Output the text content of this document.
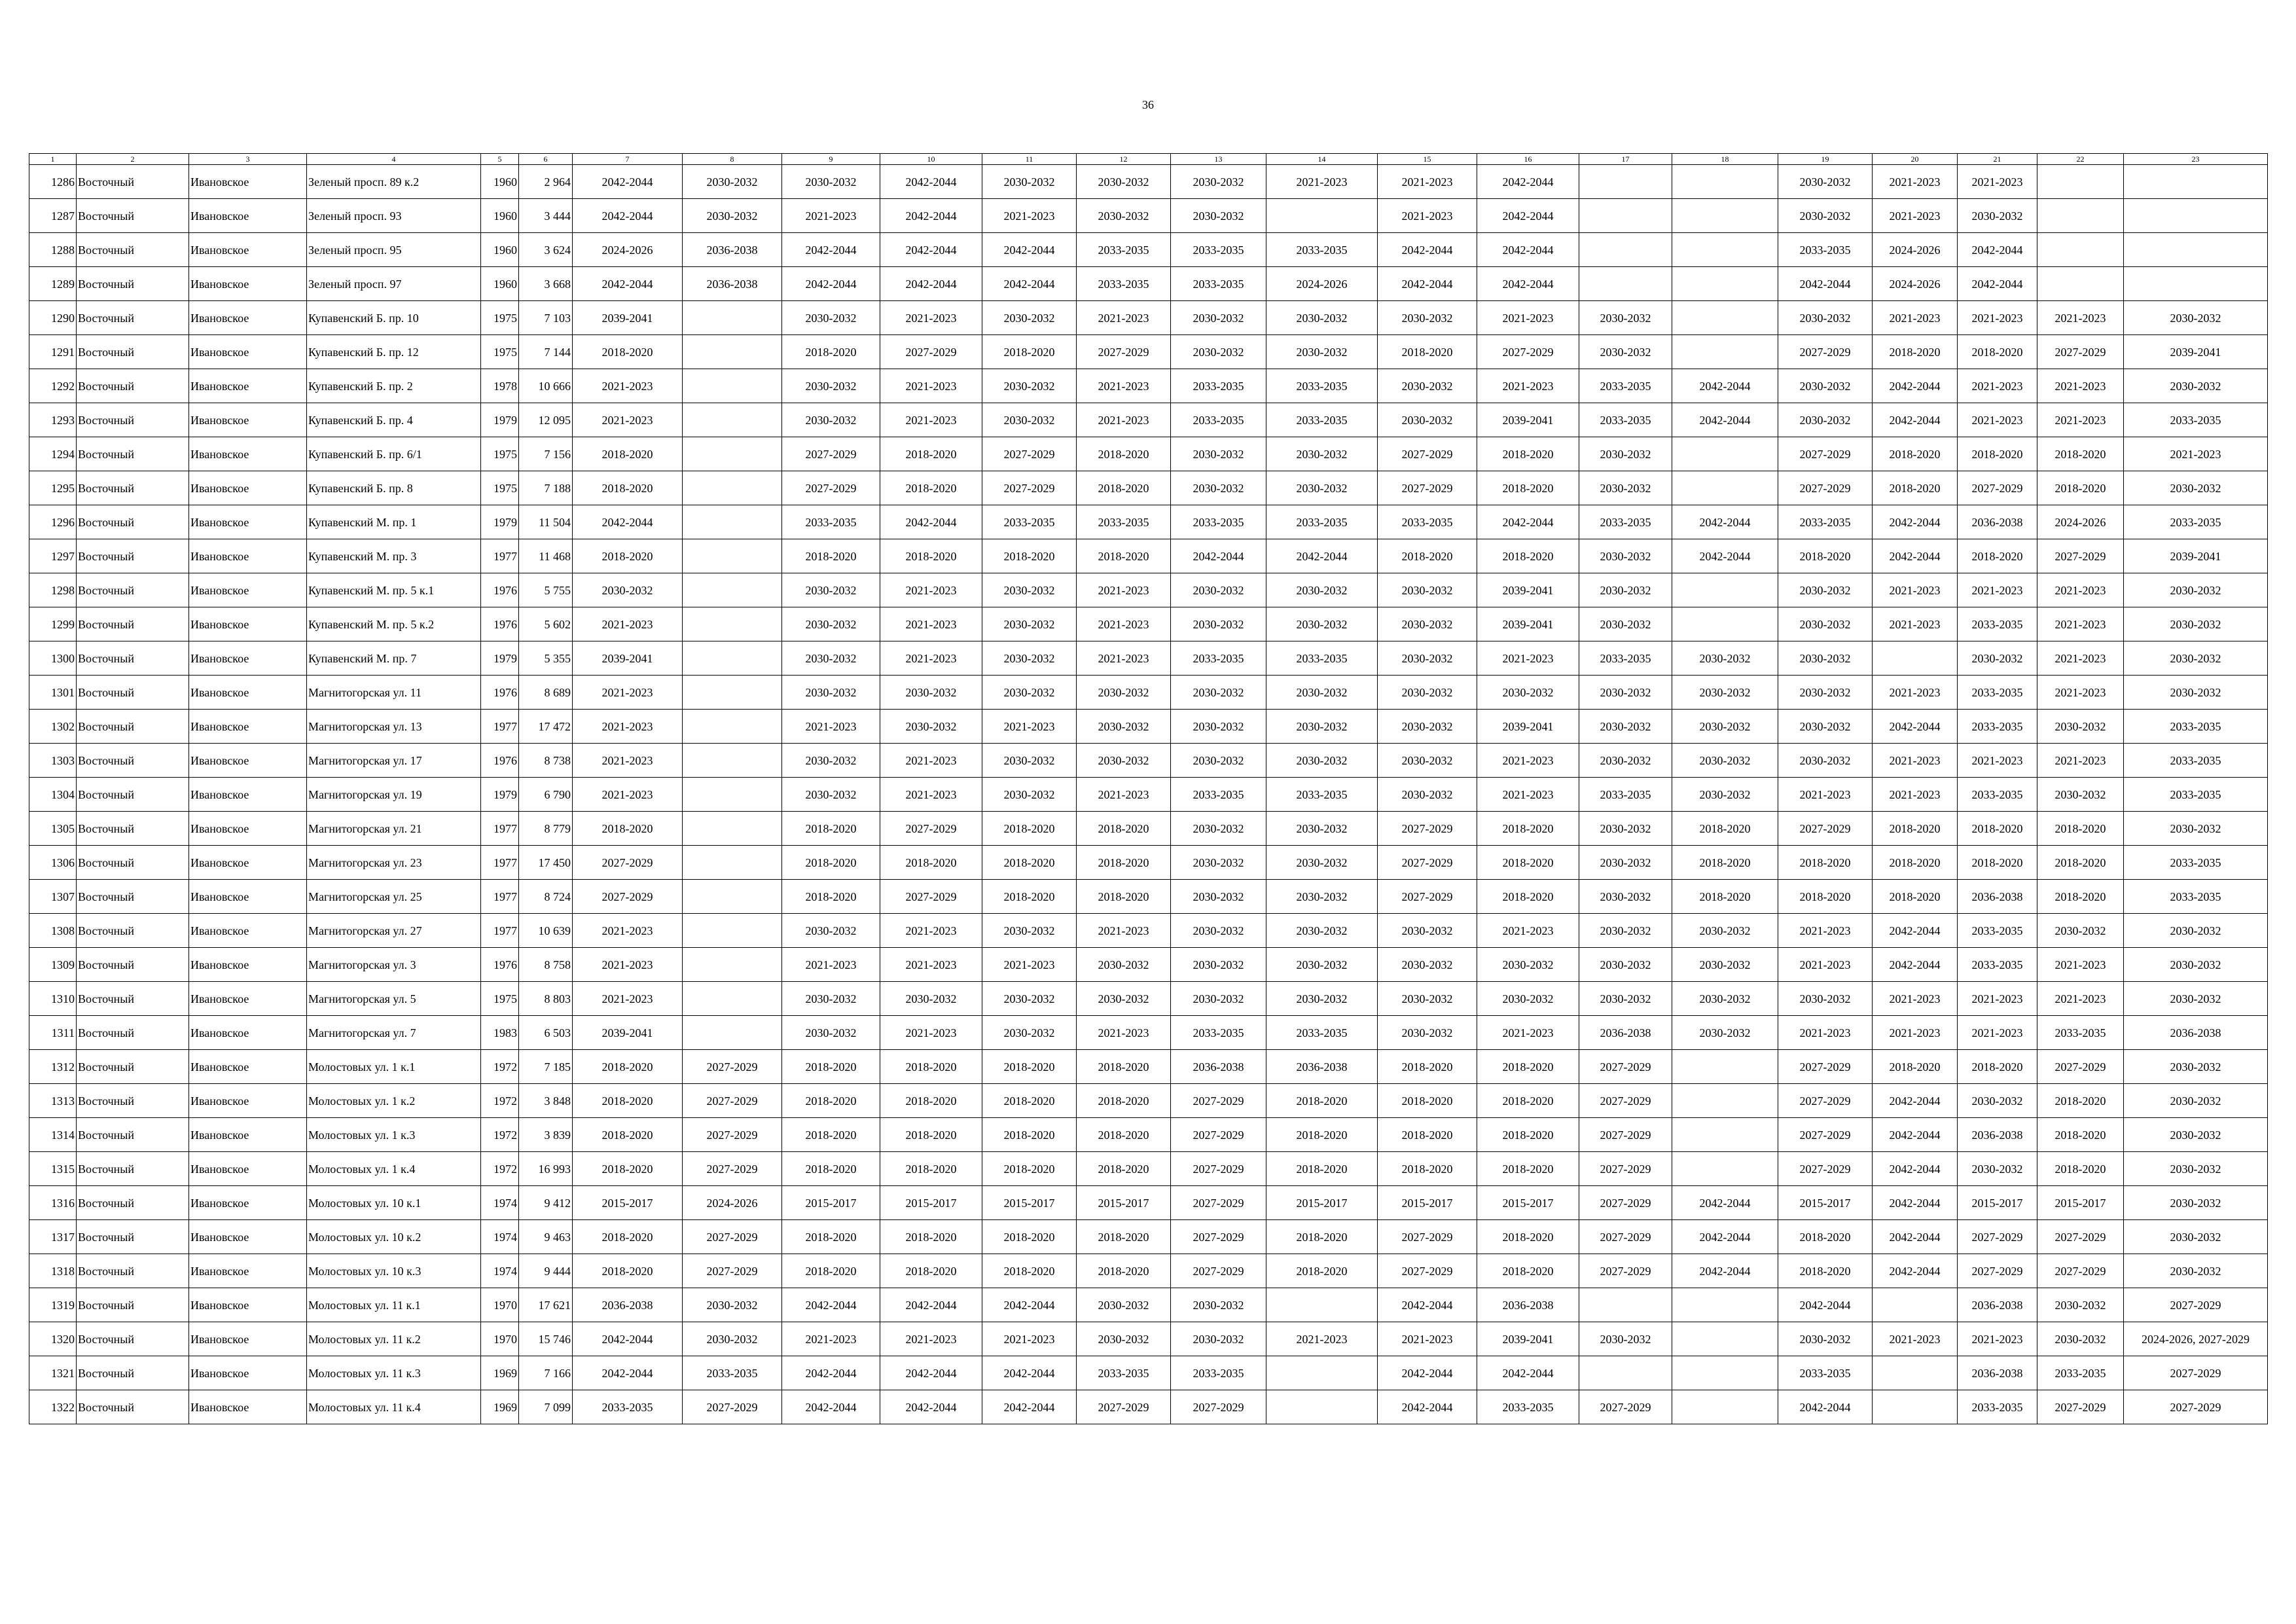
36
1	2	3	4	5	6	7	8	9	10	11	12	13	14	15	16	17	18	19	20	21	22	23
1286	Восточный	Ивановское	Зеленый просп. 89 к.2	1960	2 964	2042-2044	2030-2032	2030-2032	2042-2044	2030-2032	2030-2032	2030-2032	2021-2023	2021-2023	2042-2044			2030-2032	2021-2023	2021-2023		
1287	Восточный	Ивановское	Зеленый просп. 93	1960	3 444	2042-2044	2030-2032	2021-2023	2042-2044	2021-2023	2030-2032	2030-2032		2021-2023	2042-2044			2030-2032	2021-2023	2030-2032		
1288	Восточный	Ивановское	Зеленый просп. 95	1960	3 624	2024-2026	2036-2038	2042-2044	2042-2044	2042-2044	2033-2035	2033-2035	2033-2035	2042-2044	2042-2044			2033-2035	2024-2026	2042-2044		
1289	Восточный	Ивановское	Зеленый просп. 97	1960	3 668	2042-2044	2036-2038	2042-2044	2042-2044	2042-2044	2033-2035	2033-2035	2024-2026	2042-2044	2042-2044			2042-2044	2024-2026	2042-2044		
1290	Восточный	Ивановское	Купавенский Б. пр. 10	1975	7 103	2039-2041		2030-2032	2021-2023	2030-2032	2021-2023	2030-2032	2030-2032	2030-2032	2021-2023	2030-2032		2030-2032	2021-2023	2021-2023	2021-2023	2030-2032
1291	Восточный	Ивановское	Купавенский Б. пр. 12	1975	7 144	2018-2020		2018-2020	2027-2029	2018-2020	2027-2029	2030-2032	2030-2032	2018-2020	2027-2029	2030-2032		2027-2029	2018-2020	2018-2020	2027-2029	2039-2041
1292	Восточный	Ивановское	Купавенский Б. пр. 2	1978	10 666	2021-2023		2030-2032	2021-2023	2030-2032	2021-2023	2033-2035	2033-2035	2030-2032	2021-2023	2033-2035	2042-2044	2030-2032	2042-2044	2021-2023	2021-2023	2030-2032
1293	Восточный	Ивановское	Купавенский Б. пр. 4	1979	12 095	2021-2023		2030-2032	2021-2023	2030-2032	2021-2023	2033-2035	2033-2035	2030-2032	2039-2041	2033-2035	2042-2044	2030-2032	2042-2044	2021-2023	2021-2023	2033-2035
1294	Восточный	Ивановское	Купавенский Б. пр. 6/1	1975	7 156	2018-2020		2027-2029	2018-2020	2027-2029	2018-2020	2030-2032	2030-2032	2027-2029	2018-2020	2030-2032		2027-2029	2018-2020	2018-2020	2018-2020	2021-2023
1295	Восточный	Ивановское	Купавенский Б. пр. 8	1975	7 188	2018-2020		2027-2029	2018-2020	2027-2029	2018-2020	2030-2032	2030-2032	2027-2029	2018-2020	2030-2032		2027-2029	2018-2020	2027-2029	2018-2020	2030-2032
1296	Восточный	Ивановское	Купавенский М. пр. 1	1979	11 504	2042-2044		2033-2035	2042-2044	2033-2035	2033-2035	2033-2035	2033-2035	2033-2035	2042-2044	2033-2035	2042-2044	2033-2035	2042-2044	2036-2038	2024-2026	2033-2035
1297	Восточный	Ивановское	Купавенский М. пр. 3	1977	11 468	2018-2020		2018-2020	2018-2020	2018-2020	2018-2020	2042-2044	2042-2044	2018-2020	2018-2020	2030-2032	2042-2044	2018-2020	2042-2044	2018-2020	2027-2029	2039-2041
1298	Восточный	Ивановское	Купавенский М. пр. 5 к.1	1976	5 755	2030-2032		2030-2032	2021-2023	2030-2032	2021-2023	2030-2032	2030-2032	2030-2032	2039-2041	2030-2032		2030-2032	2021-2023	2021-2023	2021-2023	2030-2032
1299	Восточный	Ивановское	Купавенский М. пр. 5 к.2	1976	5 602	2021-2023		2030-2032	2021-2023	2030-2032	2021-2023	2030-2032	2030-2032	2030-2032	2039-2041	2030-2032		2030-2032	2021-2023	2033-2035	2021-2023	2030-2032
1300	Восточный	Ивановское	Купавенский М. пр. 7	1979	5 355	2039-2041		2030-2032	2021-2023	2030-2032	2021-2023	2033-2035	2033-2035	2030-2032	2021-2023	2033-2035	2030-2032	2030-2032		2030-2032	2021-2023	2030-2032
1301	Восточный	Ивановское	Магнитогорская ул. 11	1976	8 689	2021-2023		2030-2032	2030-2032	2030-2032	2030-2032	2030-2032	2030-2032	2030-2032	2030-2032	2030-2032	2030-2032	2030-2032	2021-2023	2033-2035	2021-2023	2030-2032
1302	Восточный	Ивановское	Магнитогорская ул. 13	1977	17 472	2021-2023		2021-2023	2030-2032	2021-2023	2030-2032	2030-2032	2030-2032	2030-2032	2039-2041	2030-2032	2030-2032	2030-2032	2042-2044	2033-2035	2030-2032	2033-2035
1303	Восточный	Ивановское	Магнитогорская ул. 17	1976	8 738	2021-2023		2030-2032	2021-2023	2030-2032	2030-2032	2030-2032	2030-2032	2030-2032	2021-2023	2030-2032	2030-2032	2030-2032	2021-2023	2021-2023	2021-2023	2033-2035
1304	Восточный	Ивановское	Магнитогорская ул. 19	1979	6 790	2021-2023		2030-2032	2021-2023	2030-2032	2021-2023	2033-2035	2033-2035	2030-2032	2021-2023	2033-2035	2030-2032	2021-2023	2021-2023	2033-2035	2030-2032	2033-2035
1305	Восточный	Ивановское	Магнитогорская ул. 21	1977	8 779	2018-2020		2018-2020	2027-2029	2018-2020	2018-2020	2030-2032	2030-2032	2027-2029	2018-2020	2030-2032	2018-2020	2027-2029	2018-2020	2018-2020	2018-2020	2030-2032
1306	Восточный	Ивановское	Магнитогорская ул. 23	1977	17 450	2027-2029		2018-2020	2018-2020	2018-2020	2018-2020	2030-2032	2030-2032	2027-2029	2018-2020	2030-2032	2018-2020	2018-2020	2018-2020	2018-2020	2018-2020	2033-2035
1307	Восточный	Ивановское	Магнитогорская ул. 25	1977	8 724	2027-2029		2018-2020	2027-2029	2018-2020	2018-2020	2030-2032	2030-2032	2027-2029	2018-2020	2030-2032	2018-2020	2018-2020	2018-2020	2036-2038	2018-2020	2033-2035
1308	Восточный	Ивановское	Магнитогорская ул. 27	1977	10 639	2021-2023		2030-2032	2021-2023	2030-2032	2021-2023	2030-2032	2030-2032	2030-2032	2021-2023	2030-2032	2030-2032	2021-2023	2042-2044	2033-2035	2030-2032	2030-2032
1309	Восточный	Ивановское	Магнитогорская ул. 3	1976	8 758	2021-2023		2021-2023	2021-2023	2021-2023	2030-2032	2030-2032	2030-2032	2030-2032	2030-2032	2030-2032	2030-2032	2021-2023	2042-2044	2033-2035	2021-2023	2030-2032
1310	Восточный	Ивановское	Магнитогорская ул. 5	1975	8 803	2021-2023		2030-2032	2030-2032	2030-2032	2030-2032	2030-2032	2030-2032	2030-2032	2030-2032	2030-2032	2030-2032	2030-2032	2021-2023	2021-2023	2021-2023	2030-2032
1311	Восточный	Ивановское	Магнитогорская ул. 7	1983	6 503	2039-2041		2030-2032	2021-2023	2030-2032	2021-2023	2033-2035	2033-2035	2030-2032	2021-2023	2036-2038	2030-2032	2021-2023	2021-2023	2021-2023	2033-2035	2036-2038
1312	Восточный	Ивановское	Молостовых ул. 1 к.1	1972	7 185	2018-2020	2027-2029	2018-2020	2018-2020	2018-2020	2018-2020	2036-2038	2036-2038	2018-2020	2018-2020	2027-2029		2027-2029	2018-2020	2018-2020	2027-2029	2030-2032
1313	Восточный	Ивановское	Молостовых ул. 1 к.2	1972	3 848	2018-2020	2027-2029	2018-2020	2018-2020	2018-2020	2018-2020	2027-2029	2018-2020	2018-2020	2018-2020	2027-2029		2027-2029	2042-2044	2030-2032	2018-2020	2030-2032
1314	Восточный	Ивановское	Молостовых ул. 1 к.3	1972	3 839	2018-2020	2027-2029	2018-2020	2018-2020	2018-2020	2018-2020	2027-2029	2018-2020	2018-2020	2018-2020	2027-2029		2027-2029	2042-2044	2036-2038	2018-2020	2030-2032
1315	Восточный	Ивановское	Молостовых ул. 1 к.4	1972	16 993	2018-2020	2027-2029	2018-2020	2018-2020	2018-2020	2018-2020	2027-2029	2018-2020	2018-2020	2018-2020	2027-2029		2027-2029	2042-2044	2030-2032	2018-2020	2030-2032
1316	Восточный	Ивановское	Молостовых ул. 10 к.1	1974	9 412	2015-2017	2024-2026	2015-2017	2015-2017	2015-2017	2015-2017	2027-2029	2015-2017	2015-2017	2015-2017	2027-2029	2042-2044	2015-2017	2042-2044	2015-2017	2015-2017	2030-2032
1317	Восточный	Ивановское	Молостовых ул. 10 к.2	1974	9 463	2018-2020	2027-2029	2018-2020	2018-2020	2018-2020	2018-2020	2027-2029	2018-2020	2027-2029	2018-2020	2027-2029	2042-2044	2018-2020	2042-2044	2027-2029	2027-2029	2030-2032
1318	Восточный	Ивановское	Молостовых ул. 10 к.3	1974	9 444	2018-2020	2027-2029	2018-2020	2018-2020	2018-2020	2018-2020	2027-2029	2018-2020	2027-2029	2018-2020	2027-2029	2042-2044	2018-2020	2042-2044	2027-2029	2027-2029	2030-2032
1319	Восточный	Ивановское	Молостовых ул. 11 к.1	1970	17 621	2036-2038	2030-2032	2042-2044	2042-2044	2042-2044	2030-2032	2030-2032		2042-2044	2036-2038			2042-2044		2036-2038	2030-2032	2027-2029
1320	Восточный	Ивановское	Молостовых ул. 11 к.2	1970	15 746	2042-2044	2030-2032	2021-2023	2021-2023	2021-2023	2030-2032	2030-2032	2021-2023	2021-2023	2039-2041	2030-2032		2030-2032	2021-2023	2021-2023	2030-2032	2024-2026, 2027-2029
1321	Восточный	Ивановское	Молостовых ул. 11 к.3	1969	7 166	2042-2044	2033-2035	2042-2044	2042-2044	2042-2044	2033-2035	2033-2035		2042-2044	2042-2044			2033-2035		2036-2038	2033-2035	2027-2029
1322	Восточный	Ивановское	Молостовых ул. 11 к.4	1969	7 099	2033-2035	2027-2029	2042-2044	2042-2044	2042-2044	2027-2029	2027-2029		2042-2044	2033-2035	2027-2029		2042-2044		2033-2035	2027-2029	2027-2029
